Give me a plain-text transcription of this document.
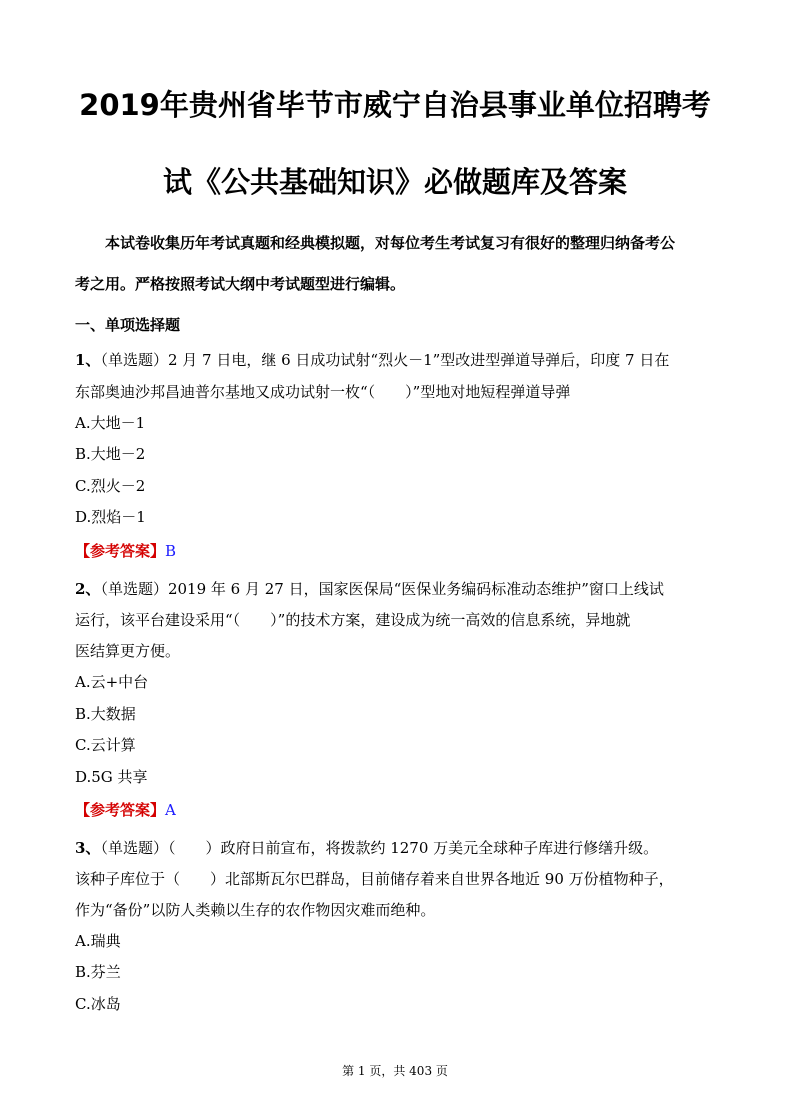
2019年贵州省毕节市威宁自治县事业单位招聘考
试《公共基础知识》必做题库及答案
本试卷收集历年考试真题和经典模拟题，对每位考生考试复习有很好的整理归纳备考公
考之用。严格按照考试大纲中考试题型进行编辑。
一、单项选择题
1、（单选题）2 月 7 日电，继 6 日成功试射“烈火－1”型改进型弹道导弹后，印度 7 日在
东部奥迪沙邦昌迪普尔基地又成功试射一枚“（　　）”型地对地短程弹道导弹
A.大地－1
B.大地－2
C.烈火－2
D.烈焰－1
【参考答案】B
2、（单选题）2019 年 6 月 27 日，国家医保局“医保业务编码标准动态维护”窗口上线试
运行，该平台建设采用“（　　）”的技术方案，建设成为统一高效的信息系统，异地就
医结算更方便。
A.云+中台
B.大数据
C.云计算
D.5G 共享
【参考答案】A
3、（单选题）（　　）政府日前宣布，将拨款约 1270 万美元全球种子库进行修缮升级。
该种子库位于（　　）北部斯瓦尔巴群岛，目前储存着来自世界各地近 90 万份植物种子，
作为“备份”以防人类赖以生存的农作物因灾难而绝种。
A.瑞典
B.芬兰
C.冰岛
第 1 页，共 403 页
